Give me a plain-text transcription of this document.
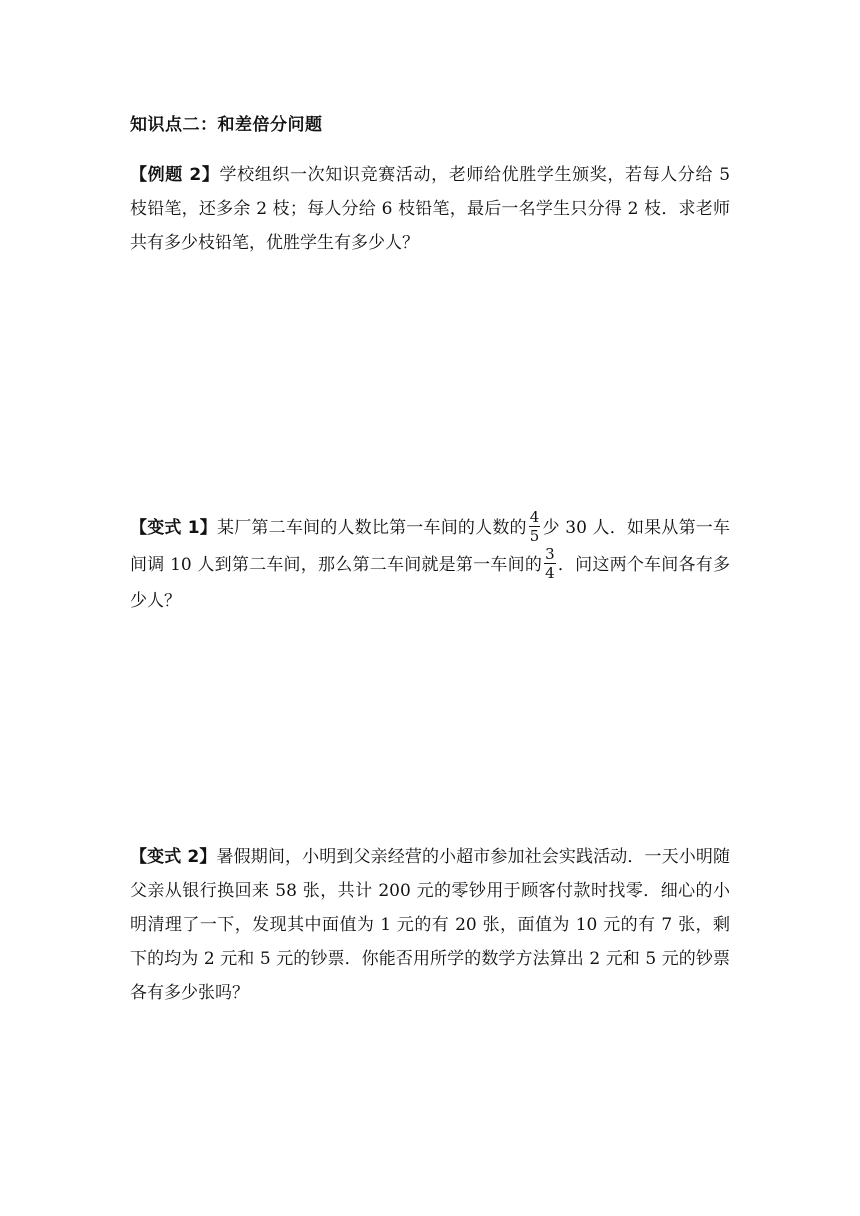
知识点二：和差倍分问题
【例题 2】学校组织一次知识竞赛活动，老师给优胜学生颁奖，若每人分给 5 枝铅笔，还多余 2 枝；每人分给 6 枝铅笔，最后一名学生只分得 2 枝．求老师共有多少枝铅笔，优胜学生有多少人？
【变式 1】某厂第二车间的人数比第一车间的人数的 $\frac{4}{5}$ 少 30 人．如果从第一车间调 10 人到第二车间，那么第二车间就是第一车间的 $\frac{3}{4}$ ．问这两个车间各有多少人？
【变式 2】暑假期间，小明到父亲经营的小超市参加社会实践活动．一天小明随父亲从银行换回来 58 张，共计 200 元的零钞用于顾客付款时找零．细心的小明清理了一下，发现其中面值为 1 元的有 20 张，面值为 10 元的有 7 张，剩下的均为 2 元和 5 元的钞票．你能否用所学的数学方法算出 2 元和 5 元的钞票各有多少张吗？
